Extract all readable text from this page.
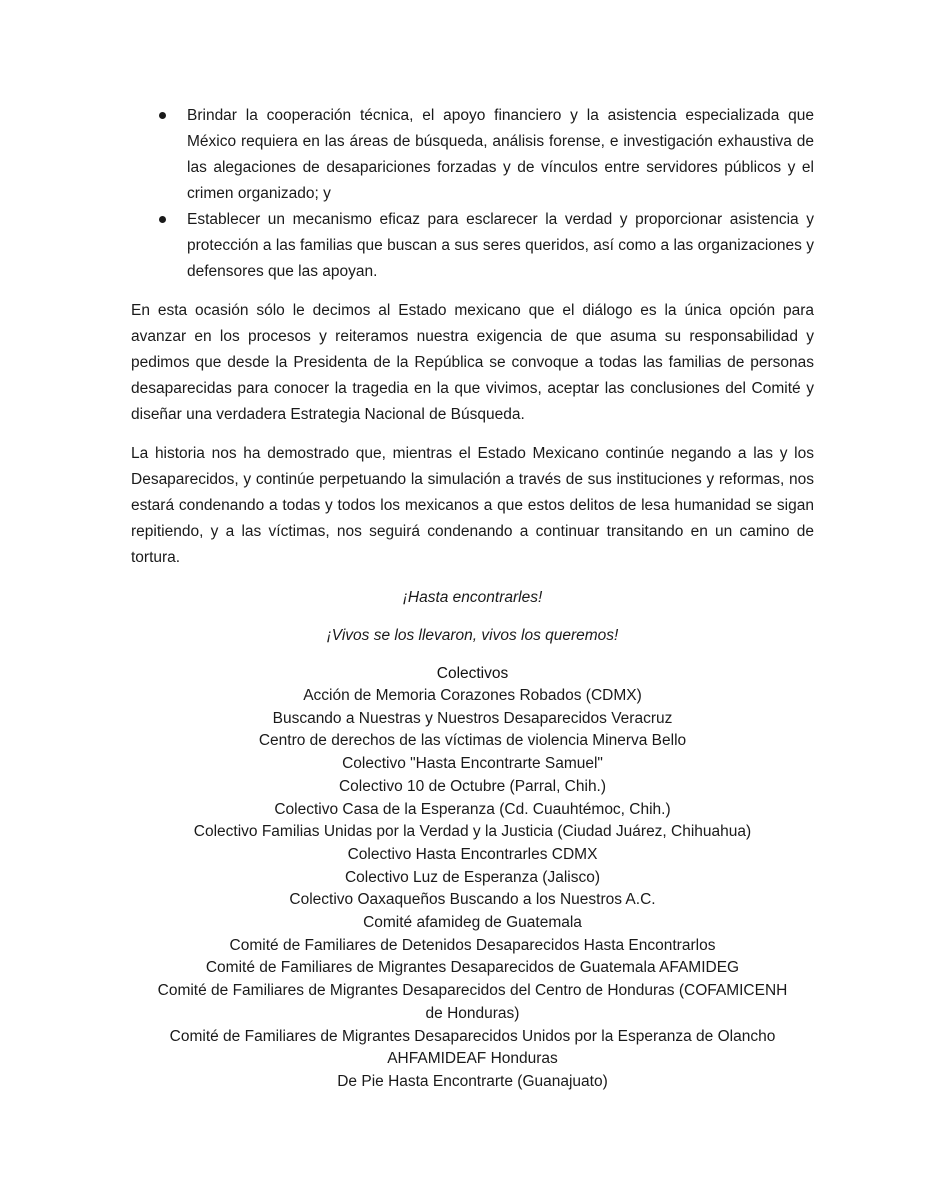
Brindar la cooperación técnica, el apoyo financiero y la asistencia especializada que México requiera en las áreas de búsqueda, análisis forense, e investigación exhaustiva de las alegaciones de desapariciones forzadas y de vínculos entre servidores públicos y el crimen organizado; y
Establecer un mecanismo eficaz para esclarecer la verdad y proporcionar asistencia y protección a las familias que buscan a sus seres queridos, así como a las organizaciones y defensores que las apoyan.

En esta ocasión sólo le decimos al Estado mexicano que el diálogo es la única opción para avanzar en los procesos y reiteramos nuestra exigencia de que asuma su responsabilidad y pedimos que desde la Presidenta de la República se convoque a todas las familias de personas desaparecidas para conocer la tragedia en la que vivimos, aceptar las conclusiones del Comité y diseñar una verdadera Estrategia Nacional de Búsqueda.

La historia nos ha demostrado que, mientras el Estado Mexicano continúe negando a las y los Desaparecidos, y continúe perpetuando la simulación a través de sus instituciones y reformas, nos estará condenando a todas y todos los mexicanos a que estos delitos de lesa humanidad se sigan repitiendo, y a las víctimas, nos seguirá condenando a continuar transitando en un camino de tortura.

¡Hasta encontrarles!

¡Vivos se los llevaron, vivos los queremos!

Colectivos

Acción de Memoria Corazones Robados (CDMX)
Buscando a Nuestras y Nuestros Desaparecidos Veracruz
Centro de derechos de las víctimas de violencia Minerva Bello
Colectivo "Hasta Encontrarte Samuel"
Colectivo 10 de Octubre (Parral, Chih.)
Colectivo Casa de la Esperanza (Cd. Cuauhtémoc, Chih.)
Colectivo Familias Unidas por la Verdad y la Justicia (Ciudad Juárez, Chihuahua)
Colectivo Hasta Encontrarles CDMX
Colectivo Luz de Esperanza (Jalisco)
Colectivo Oaxaqueños Buscando a los Nuestros A.C.
Comité afamideg de Guatemala
Comité de Familiares de Detenidos Desaparecidos Hasta Encontrarlos
Comité de Familiares de Migrantes Desaparecidos de Guatemala AFAMIDEG
Comité de Familiares de Migrantes Desaparecidos del Centro de Honduras (COFAMICENH
de Honduras)
Comité de Familiares de Migrantes Desaparecidos Unidos por la Esperanza de Olancho
AHFAMIDEAF Honduras
De Pie Hasta Encontrarte (Guanajuato)
